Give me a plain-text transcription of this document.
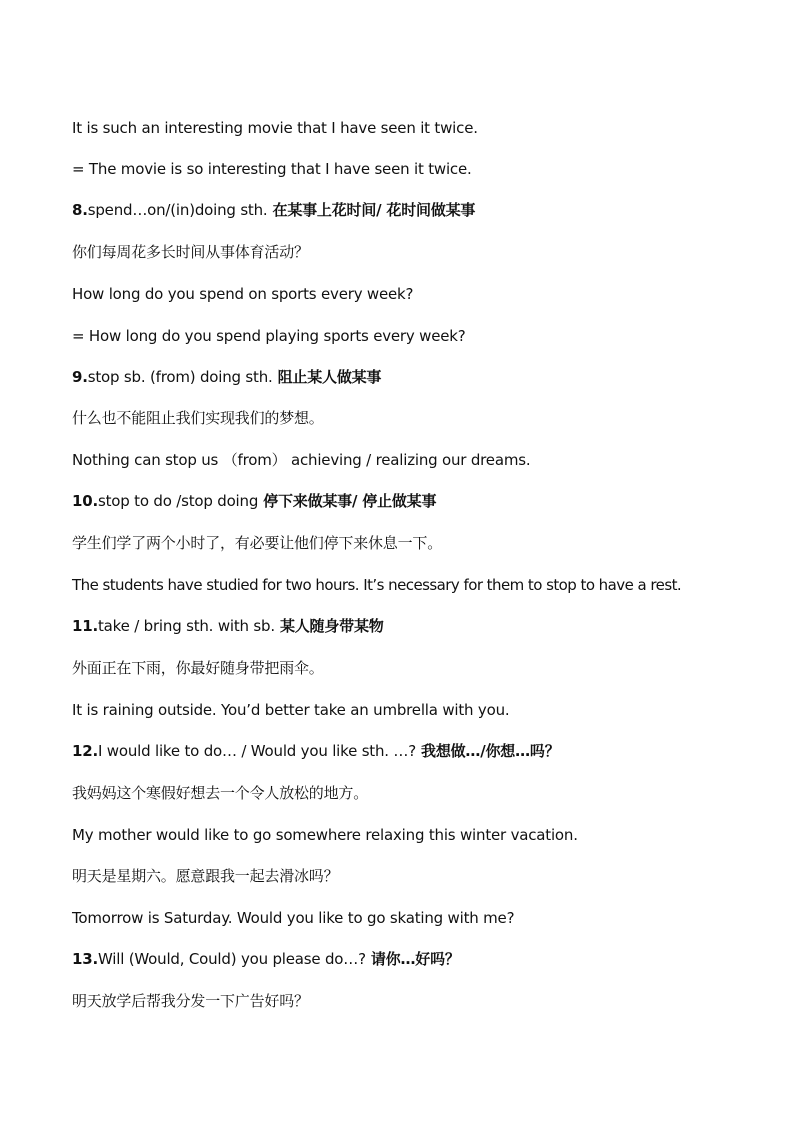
It is such an interesting movie that I have seen it twice.
= The movie is so interesting that I have seen it twice.
8.spend…on/(in)doing sth. 在某事上花时间/ 花时间做某事
你们每周花多长时间从事体育活动？
How long do you spend on sports every week?
= How long do you spend playing sports every week?
9.stop sb. (from) doing sth. 阻止某人做某事
什么也不能阻止我们实现我们的梦想。
Nothing can stop us （from） achieving / realizing our dreams.
10.stop to do /stop doing 停下来做某事/ 停止做某事
学生们学了两个小时了，有必要让他们停下来休息一下。
The students have studied for two hours. It’s necessary for them to stop to have a rest.
11.take / bring sth. with sb. 某人随身带某物
外面正在下雨，你最好随身带把雨伞。
It is raining outside. You’d better take an umbrella with you.
12.I would like to do… / Would you like sth. …? 我想做…/你想…吗？
我妈妈这个寒假好想去一个令人放松的地方。
My mother would like to go somewhere relaxing this winter vacation.
明天是星期六。愿意跟我一起去滑冰吗？
Tomorrow is Saturday. Would you like to go skating with me?
13.Will (Would, Could) you please do…? 请你…好吗？
明天放学后帮我分发一下广告好吗？
